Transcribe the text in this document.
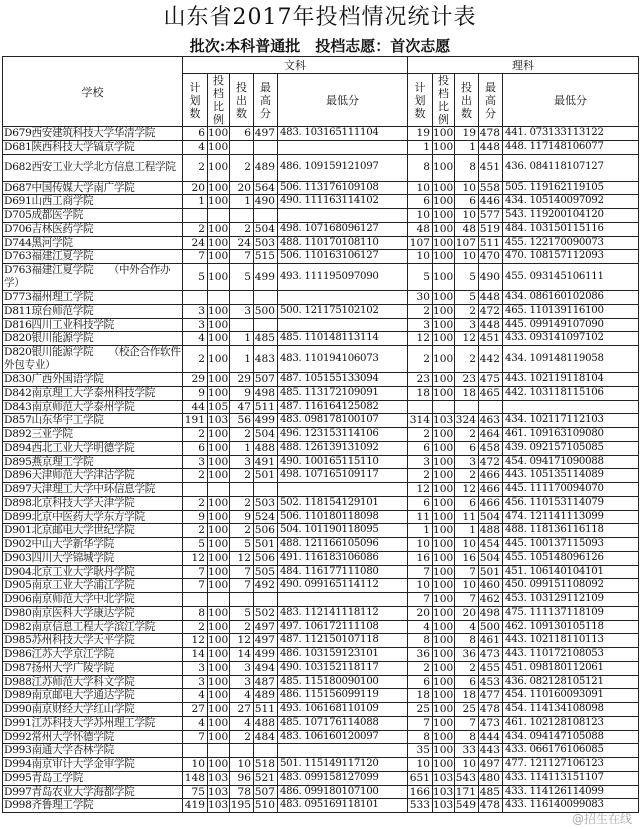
山东省2017年投档情况统计表
批次:本科普通批　投档志愿：首次志愿
学校	文科					理科				
	计划数	投档比例	投出数	最高分	最低分	计划数	投档比例	投出数	最高分	最低分
D679西安建筑科技大学华清学院	6	100	6	497	483. 103165111104	19	100	19	478	441. 073133113122
D681陕西科技大学镐京学院	4	100				1	100	1	448	448. 117148106077
D682西安工业大学北方信息工程学院	2	100	2	489	486. 109159121097	8	100	8	451	436. 084118107127
D687中国传媒大学南广学院	20	100	20	564	506. 113176109108	10	100	10	558	505. 119162119105
D691山西工商学院	1	100	1	490	490. 111163114102	6	100	6	446	434. 105140097092
D705成都医学院						10	100	10	577	543. 119200104120
D706吉林医药学院	2	100	2	504	498. 107168096127	48	100	48	519	484. 103150115116
D744黑河学院	24	100	24	503	488. 110170108110	107	100	107	511	455. 122170090073
D763福建江夏学院	7	100	7	515	506. 110163106127	10	100	10	470	470. 108157112093
D763福建江夏学院　　（中外合作办学）	5	100	5	499	493. 111195097090	5	100	5	490	455. 093145106111
D773福州理工学院						30	100	5	448	434. 086160102086
D811琼台师范学院	3	100	3	500	500. 121175102102	2	100	2	472	465. 110139116100
D816四川工业科技学院	3	100				3	100	3	448	445. 099149107090
D820银川能源学院	4	100	1	485	485. 110148113114	12	100	12	451	433. 093141097102
D820银川能源学院　　（校企合作软件外包专业）	2	100	1	483	483. 110194106073	2	100	2	442	434. 109148119058
D830广西外国语学院	29	100	29	507	487. 105155133094	23	100	23	475	443. 102119118104
D842南京理工大学泰州科技学院	9	100	9	498	485. 113172109091	18	100	18	465	442. 103118115106
D843南京师范大学泰州学院	44	105	47	511	487. 116164125082					
D857山东华宇工学院	191	103	56	499	483. 098178100107	314	103	324	463	434. 102117112103
D892三亚学院	2	100	2	504	496. 123153114106	2	100	2	464	461. 109163109080
D894西北工业大学明德学院	6	100	1	488	488. 126139131092	6	100	6	458	439. 092157105085
D895燕京理工学院	3	100	3	491	490. 100165115110	3	100	3	472	454. 094171090088
D896天津师范大学津沽学院	2	100	2	501	498. 107165109117	2	100	2	466	443. 105135114089
D897天津理工大学中环信息学院						12	100	12	466	445. 111170094070
D898北京科技大学天津学院	2	100	2	503	502. 118154129101	6	100	6	466	456. 110153114079
D899北京中医药大学东方学院	9	100	9	524	506. 110180118098	11	100	11	504	474. 121141113099
D901北京邮电大学世纪学院	2	100	2	506	504. 101190118095	1	100	1	488	488. 118136116118
D902中山大学新华学院	5	100	5	501	488. 121166105096	10	100	10	454	445. 100137115093
D903四川大学锦城学院	12	100	12	506	491. 116183106086	16	100	16	504	455. 105148096126
D904北京工业大学耿丹学院	7	100	7	505	484. 116177111080	7	100	7	501	451. 106140104101
D905南京工业大学浦江学院	7	100	7	492	490. 099165114112	10	100	10	460	450. 099151108092
D906南京师范大学中北学院						7	100	7	462	453. 103129112109
D980南京医科大学康达学院	8	100	5	502	483. 112141118112	20	100	20	498	475. 111137118109
D982南京信息工程大学滨江学院	2	100	2	497	497. 106172111108	4	100	4	500	462. 109130105118
D985苏州科技大学天平学院	12	100	12	497	487. 112150107118	8	100	8	461	443. 102118110113
D986江苏大学京江学院	14	100	14	499	486. 103159123101	36	100	36	473	443. 110172108053
D987扬州大学广陵学院	3	100	3	494	490. 103152118117	2	100	2	455	451. 098180112061
D988江苏师范大学科文学院	3	100	3	487	485. 115180090100	6	100	6	453	436. 082128105121
D989南京邮电大学通达学院	4	100	4	489	486. 115156099119	18	100	18	477	454. 110160093091
D990南京财经大学红山学院	27	100	27	511	493. 106168110109	25	100	25	478	454. 114134108098
D991江苏科技大学苏州理工学院	4	100	4	488	485. 107176114088	7	100	7	473	461. 102128108123
D992常州大学怀德学院	7	100	2	484	483. 106160120097	8	100	8	444	434. 094147105088
D993南通大学杏林学院						35	100	33	443	433. 066176106085
D994南京审计大学金审学院	10	100	10	518	501. 115149117120	10	100	10	497	477. 121127106123
D995青岛工学院	148	103	96	521	483. 099158127099	651	103	543	480	433. 114113151107
D997青岛农业大学海都学院	75	103	78	507	486. 099180107100	166	103	171	485	433. 114126114099
D998齐鲁理工学院	419	103	195	510	483. 095169118101	533	103	549	478	433. 116140099083
@招生在线
